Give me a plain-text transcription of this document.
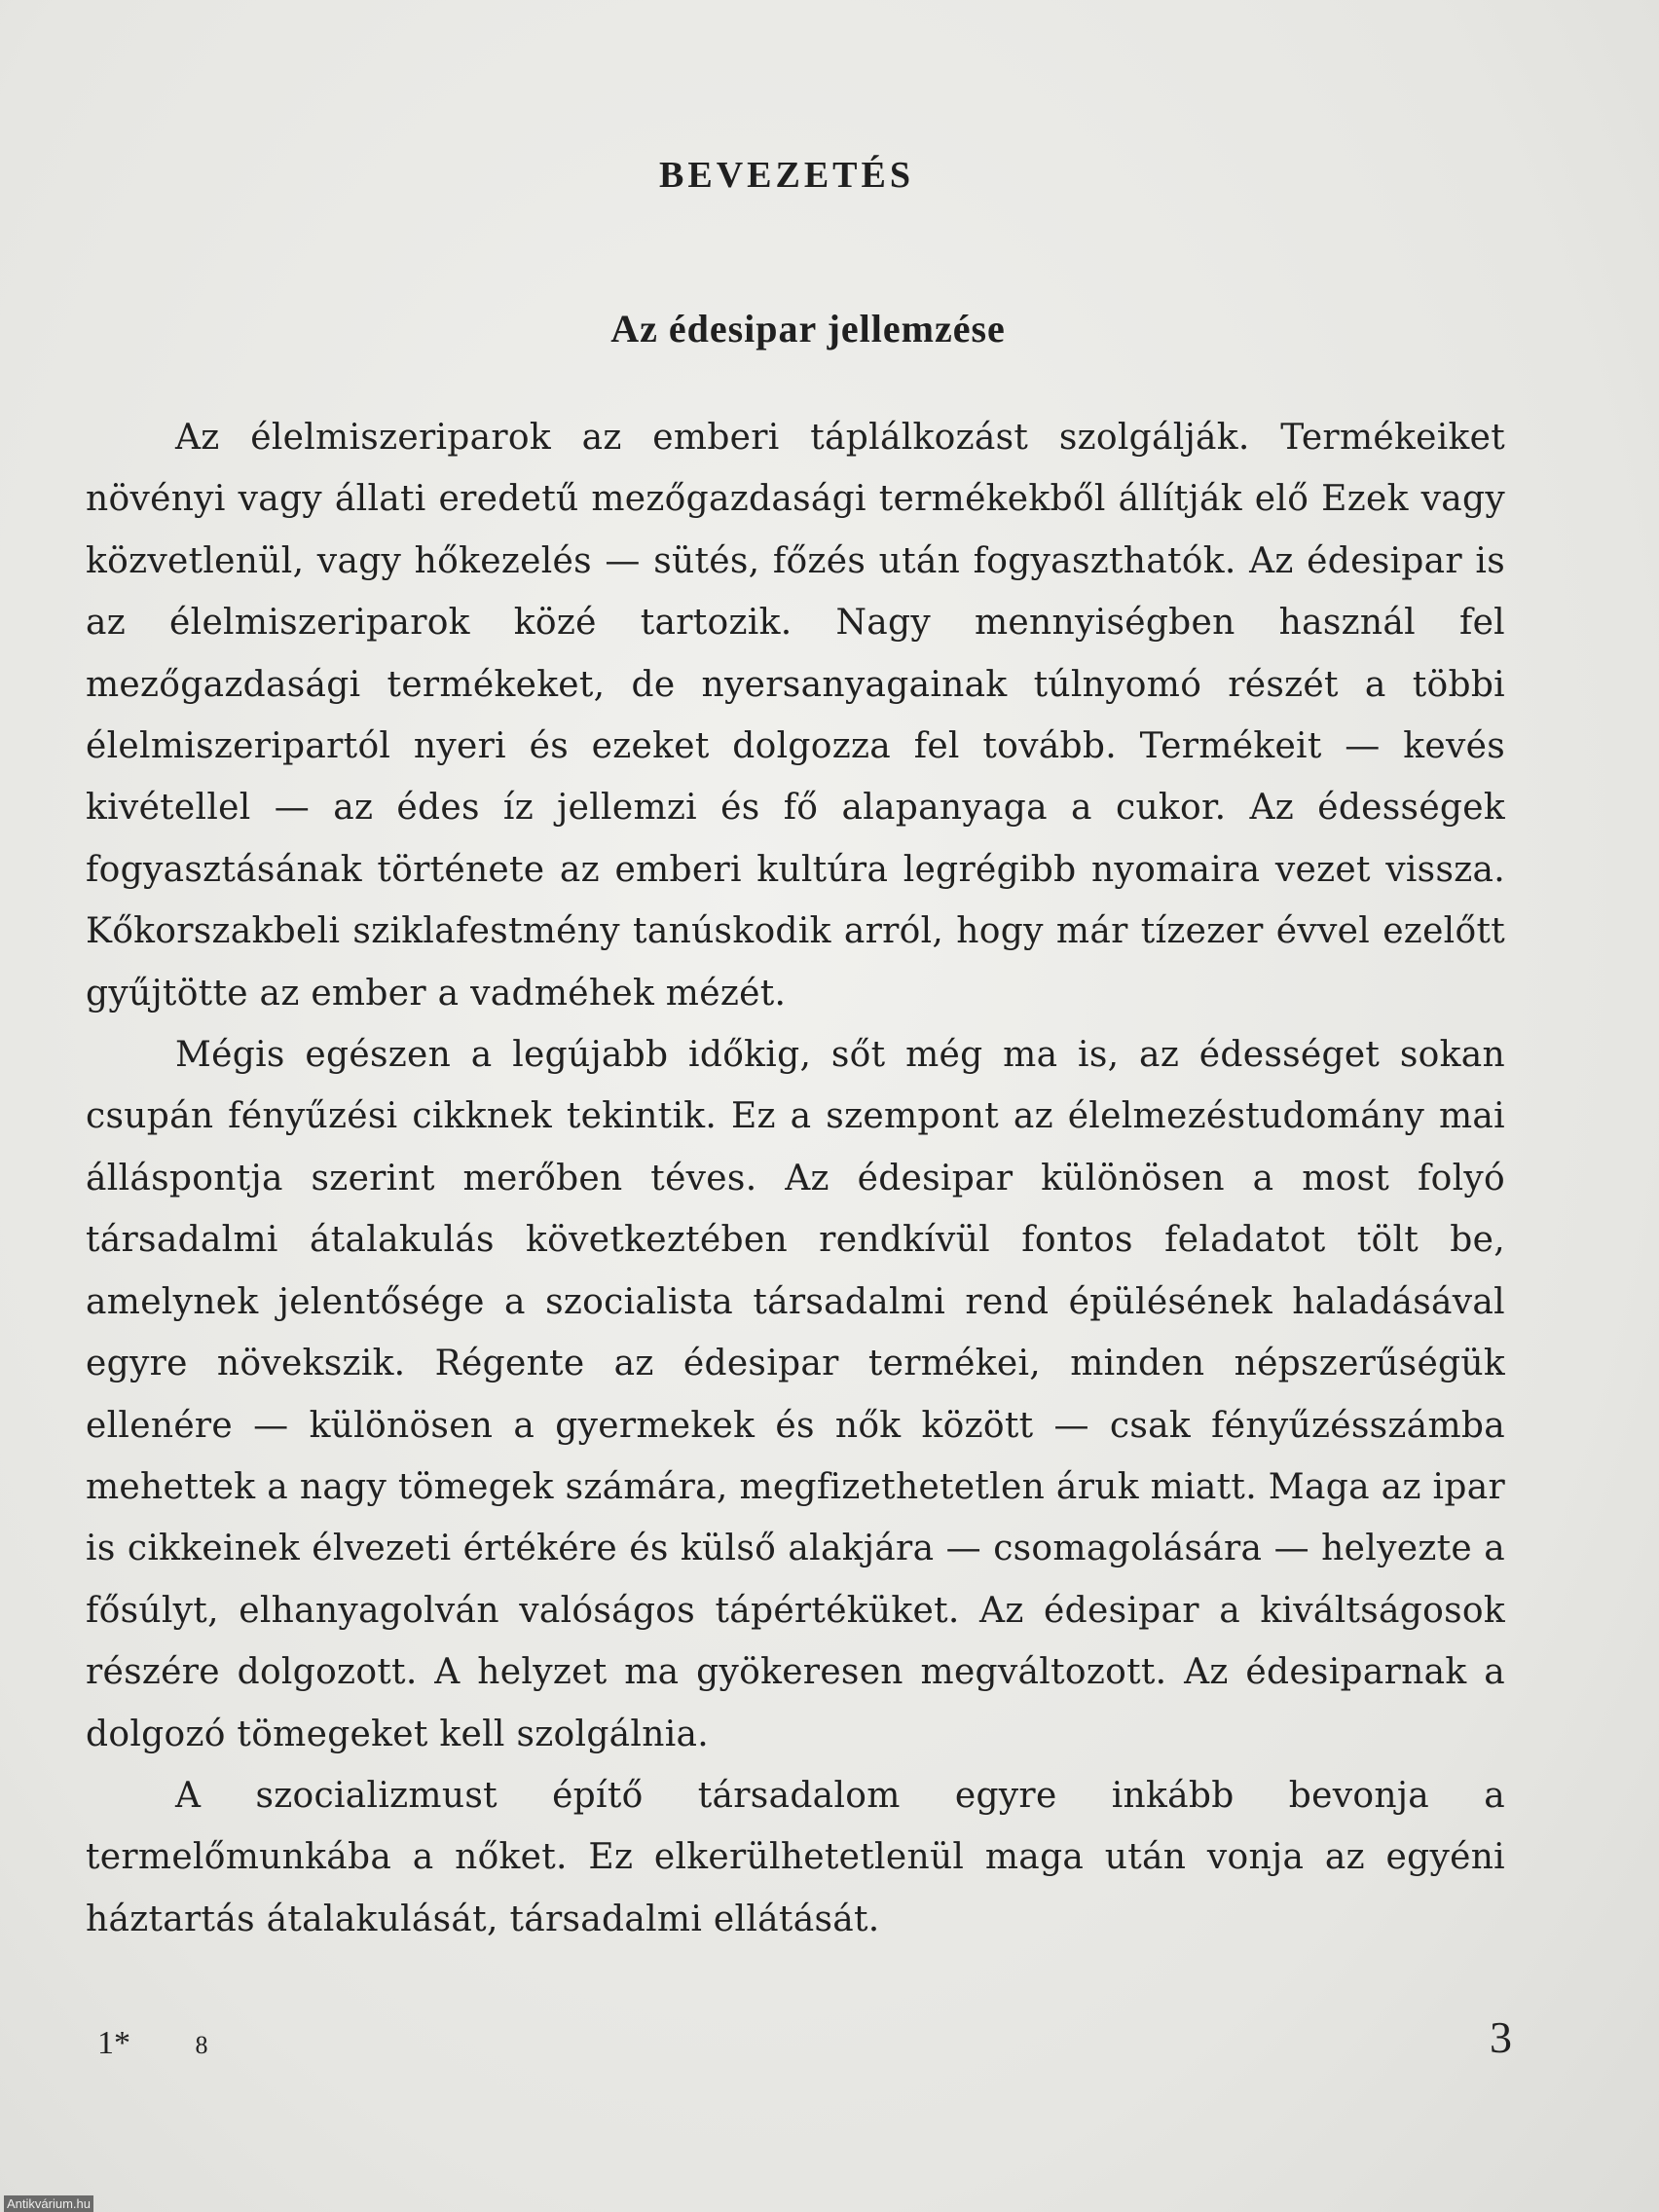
BEVEZETÉS
Az édesipar jellemzése

Az élelmiszeriparok az emberi táplálkozást szolgálják. Termékeiket növényi vagy állati eredetű mezőgazdasági termékekből állítják elő Ezek vagy közvetlenül, vagy hőkezelés — sütés, főzés után fogyaszthatók. Az édesipar is az élelmiszeriparok közé tartozik. Nagy mennyiségben használ fel mezőgazdasági termékeket, de nyersanyagainak túlnyomó részét a többi élelmiszeripartól nyeri és ezeket dolgozza fel tovább. Termékeit — kevés kivétellel — az édes íz jellemzi és fő alapanyaga a cukor. Az édességek fogyasztásának története az emberi kultúra legrégibb nyomaira vezet vissza. Kőkorszakbeli sziklafestmény tanúskodik arról, hogy már tízezer évvel ezelőtt gyűjtötte az ember a vadméhek mézét.

Mégis egészen a legújabb időkig, sőt még ma is, az édességet sokan csupán fényűzési cikknek tekintik. Ez a szempont az élelmezéstudomány mai álláspontja szerint merőben téves. Az édesipar különösen a most folyó társadalmi átalakulás következtében rendkívül fontos feladatot tölt be, amelynek jelentősége a szocialista társadalmi rend épülésének haladásával egyre növekszik. Régente az édesipar termékei, minden népszerűségük ellenére — különösen a gyermekek és nők között — csak fényűzésszámba mehettek a nagy tömegek számára, megfizethetetlen áruk miatt. Maga az ipar is cikkeinek élvezeti értékére és külső alakjára — csomagolására — helyezte a fősúlyt, elhanyagolván valóságos tápértéküket. Az édesipar a kiváltságosok részére dolgozott. A helyzet ma gyökeresen megváltozott. Az édesiparnak a dolgozó tömegeket kell szolgálnia.

A szocializmust építő társadalom egyre inkább bevonja a termelőmunkába a nőket. Ez elkerülhetetlenül maga után vonja az egyéni háztartás átalakulását, társadalmi ellátását.

1*	8	3
Antikvárium.hu
